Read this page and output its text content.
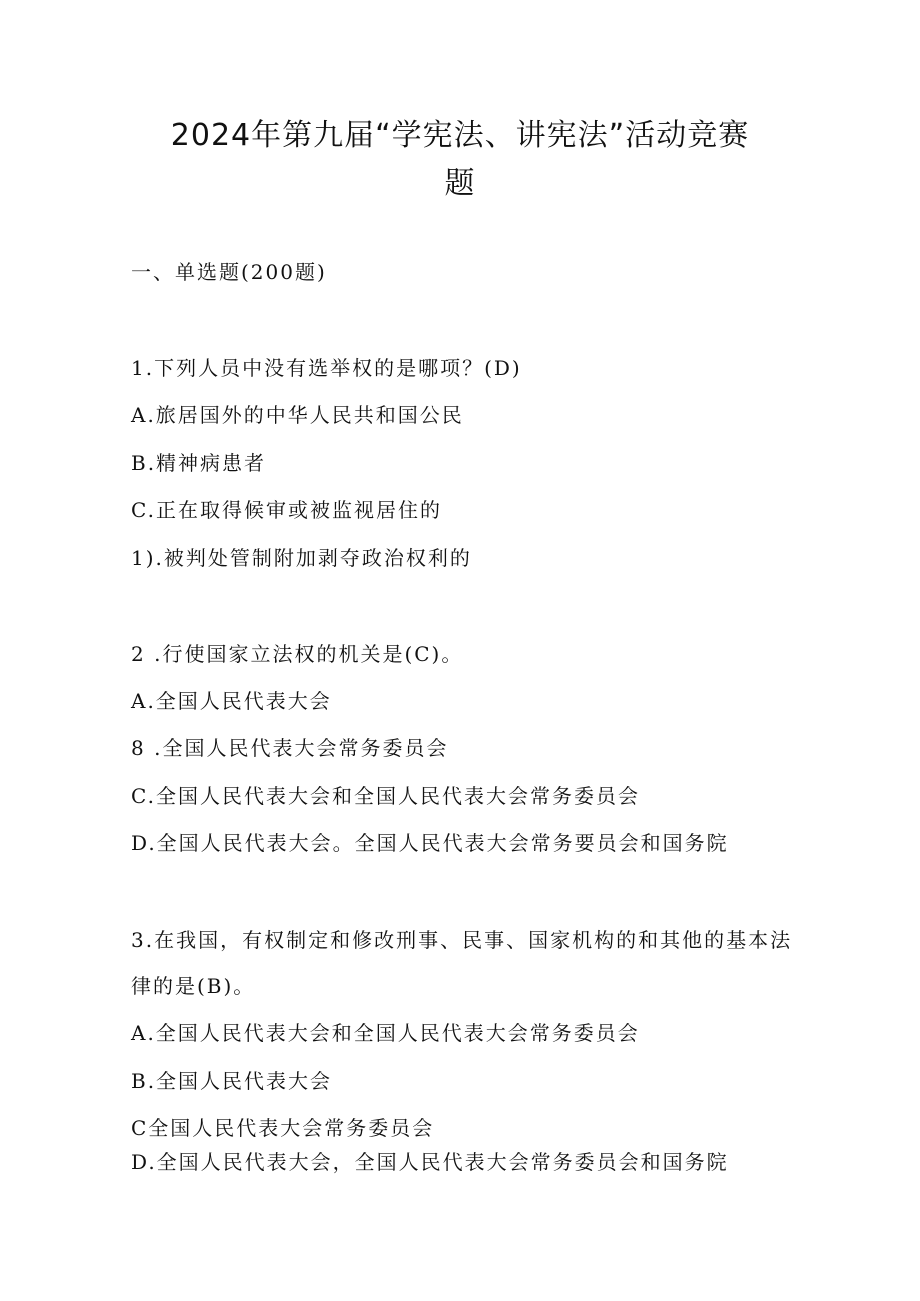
2024年第九届“学宪法、讲宪法”活动竞赛
题
一、单选题(200题)
1.下列人员中没有选举权的是哪项？(D)
A.旅居国外的中华人民共和国公民
B.精神病患者
C.正在取得候审或被监视居住的
1).被判处管制附加剥夺政治权利的
2 .行使国家立法权的机关是(C)。
A.全国人民代表大会
8 .全国人民代表大会常务委员会
C.全国人民代表大会和全国人民代表大会常务委员会
D.全国人民代表大会。全国人民代表大会常务要员会和国务院
3.在我国，有权制定和修改刑事、民事、国家机构的和其他的基本法
律的是(B)。
A.全国人民代表大会和全国人民代表大会常务委员会
B.全国人民代表大会
C全国人民代表大会常务委员会
D.全国人民代表大会，全国人民代表大会常务委员会和国务院
